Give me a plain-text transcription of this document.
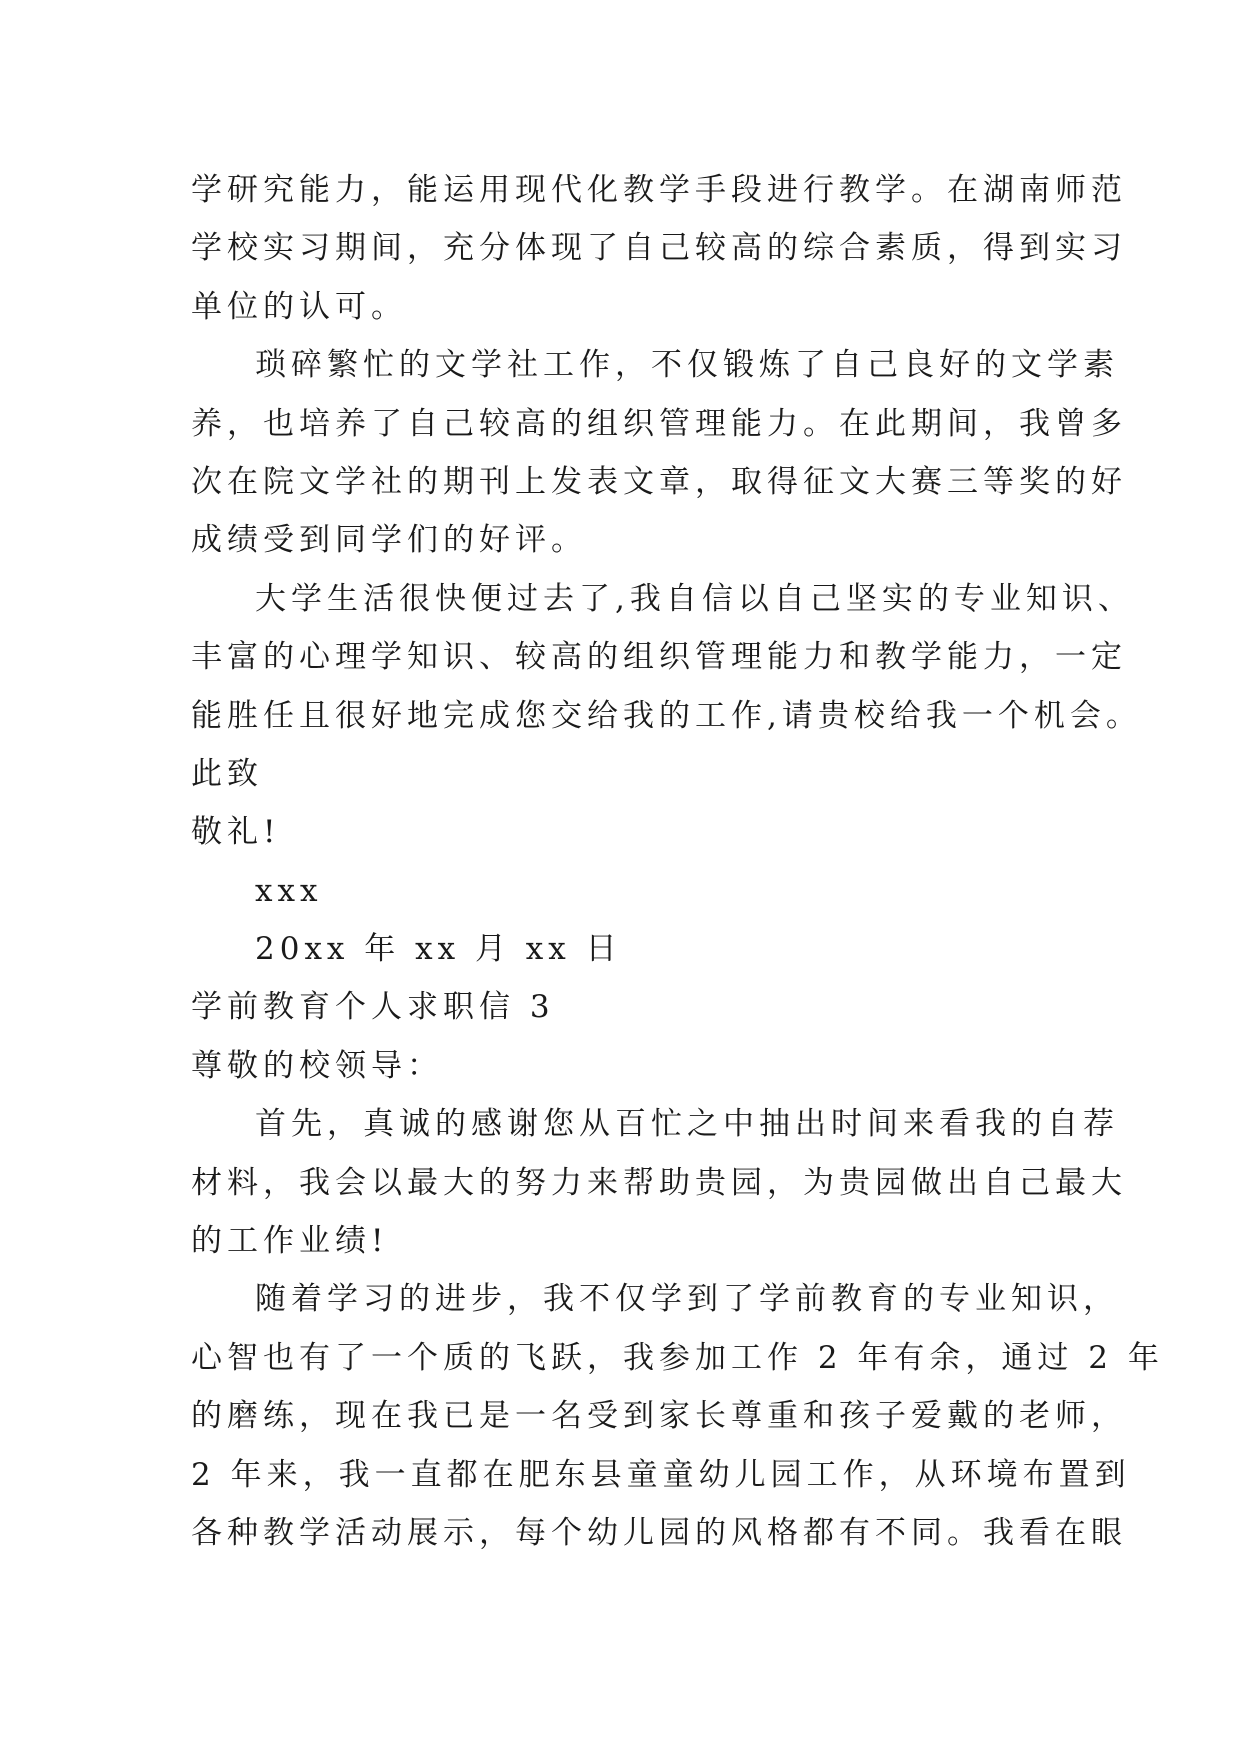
学研究能力，能运用现代化教学手段进行教学。在湖南师范
学校实习期间，充分体现了自己较高的综合素质，得到实习
单位的认可。
琐碎繁忙的文学社工作，不仅锻炼了自己良好的文学素
养，也培养了自己较高的组织管理能力。在此期间，我曾多
次在院文学社的期刊上发表文章，取得征文大赛三等奖的好
成绩受到同学们的好评。
大学生活很快便过去了,我自信以自己坚实的专业知识、
丰富的心理学知识、较高的组织管理能力和教学能力，一定
能胜任且很好地完成您交给我的工作,请贵校给我一个机会。
此致
敬礼!
xxx
20xx 年 xx 月 xx 日
学前教育个人求职信 3
尊敬的校领导：
首先，真诚的感谢您从百忙之中抽出时间来看我的自荐
材料，我会以最大的努力来帮助贵园，为贵园做出自己最大
的工作业绩!
随着学习的进步，我不仅学到了学前教育的专业知识，
心智也有了一个质的飞跃，我参加工作 2 年有余，通过 2 年
的磨练，现在我已是一名受到家长尊重和孩子爱戴的老师，
2 年来，我一直都在肥东县童童幼儿园工作，从环境布置到
各种教学活动展示，每个幼儿园的风格都有不同。我看在眼
